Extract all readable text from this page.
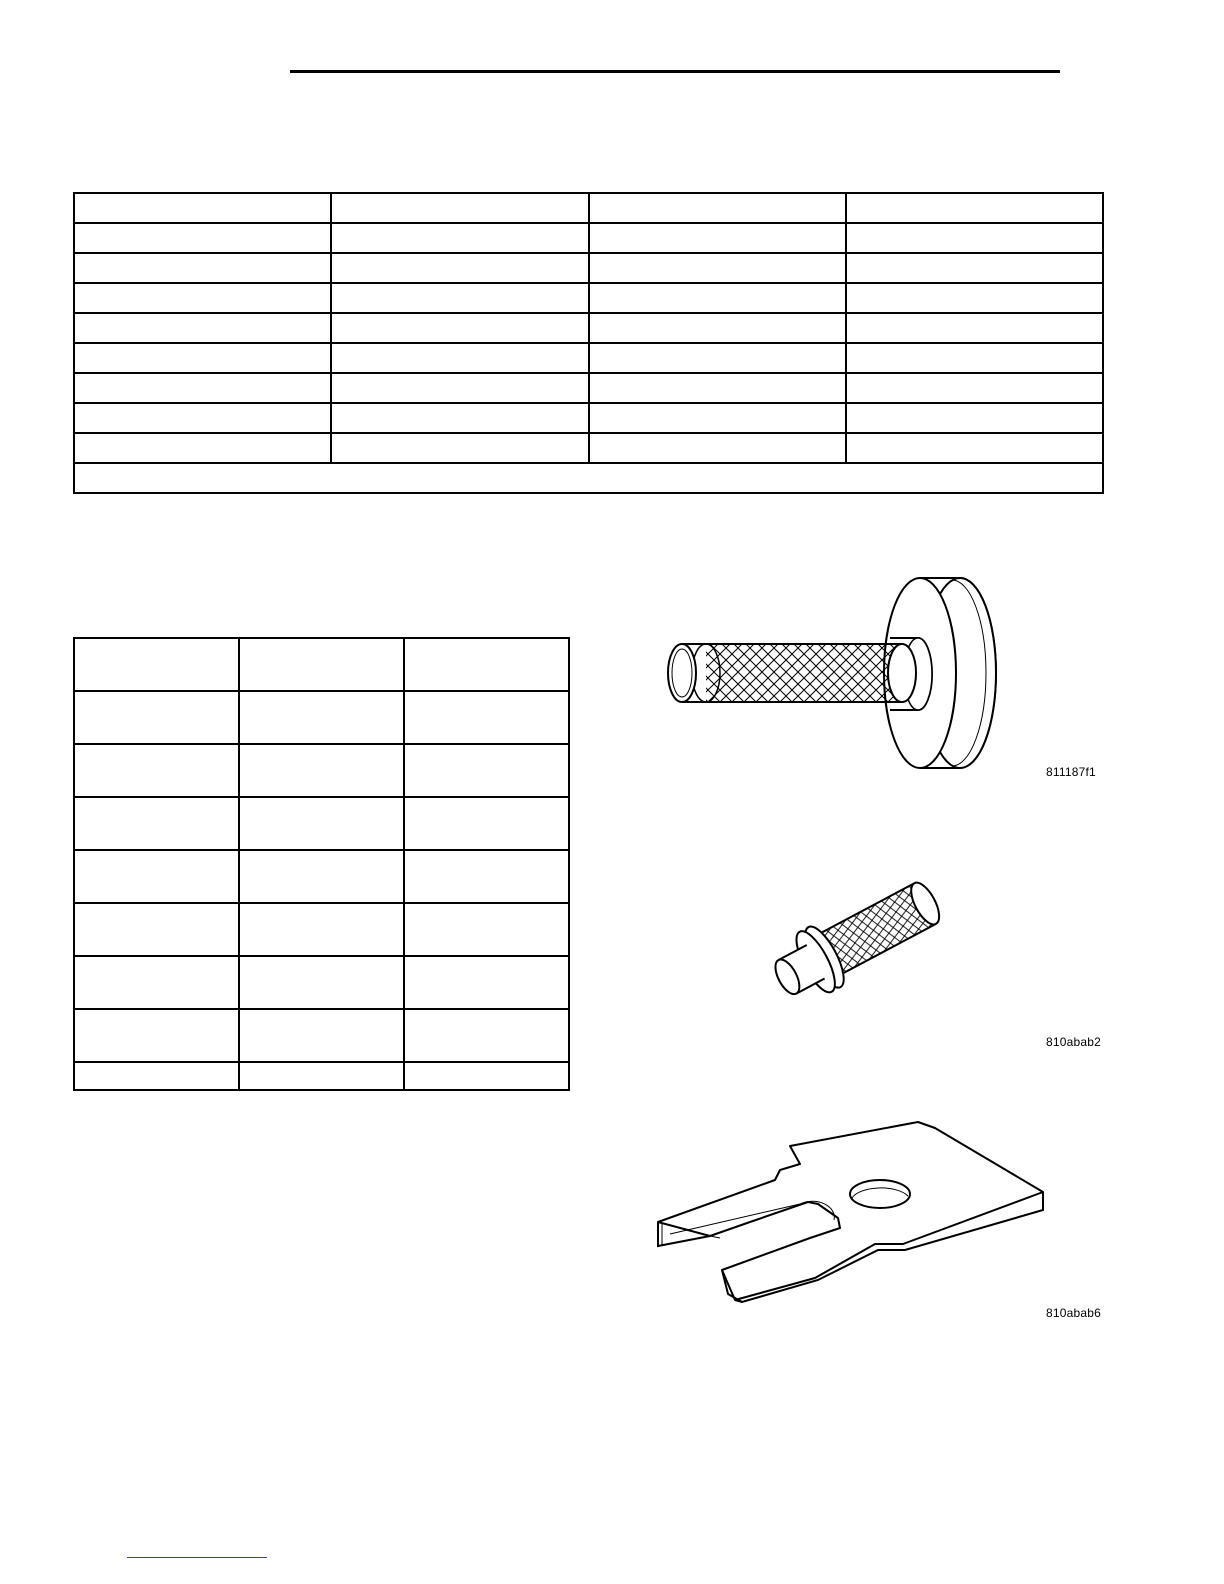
811187f1
810abab2
810abab6
